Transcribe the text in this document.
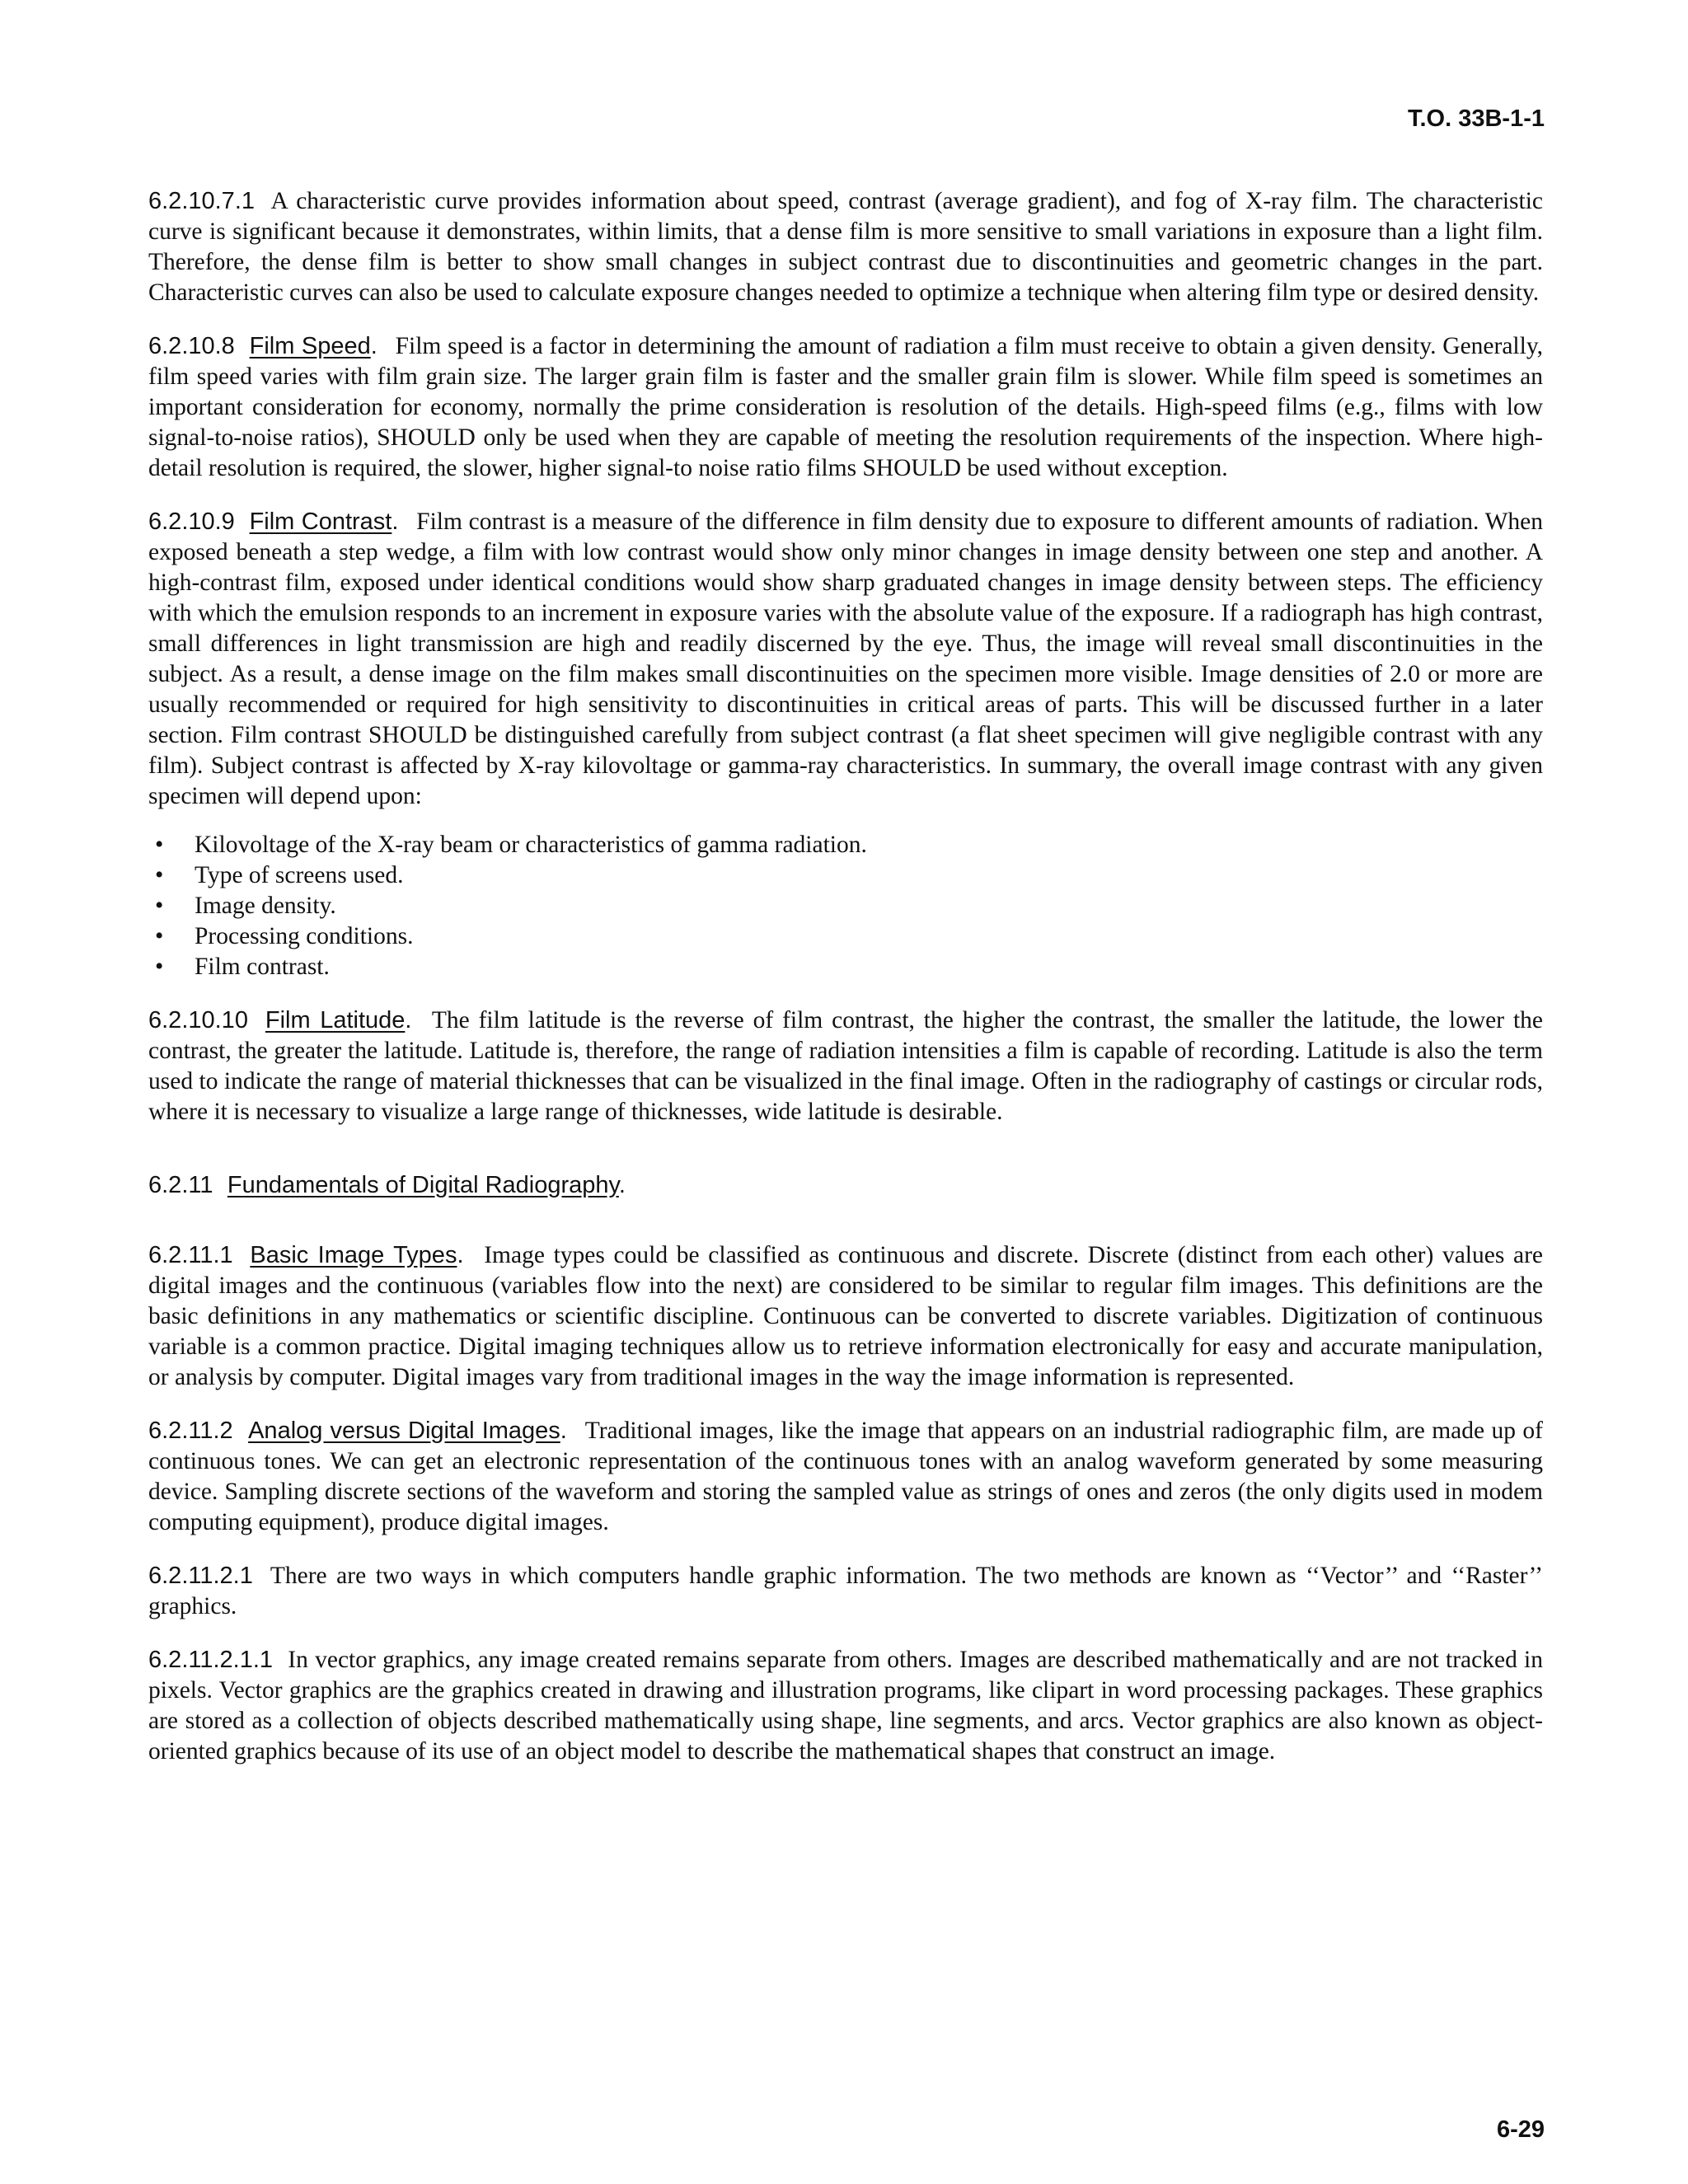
T.O. 33B-1-1

6.2.10.7.1 A characteristic curve provides information about speed, contrast (average gradient), and fog of X-ray film. The characteristic curve is significant because it demonstrates, within limits, that a dense film is more sensitive to small variations in exposure than a light film. Therefore, the dense film is better to show small changes in subject contrast due to discontinuities and geometric changes in the part. Characteristic curves can also be used to calculate exposure changes needed to optimize a technique when altering film type or desired density.

6.2.10.8 Film Speed. Film speed is a factor in determining the amount of radiation a film must receive to obtain a given density. Generally, film speed varies with film grain size. The larger grain film is faster and the smaller grain film is slower. While film speed is sometimes an important consideration for economy, normally the prime consideration is resolution of the details. High-speed films (e.g., films with low signal-to-noise ratios), SHOULD only be used when they are capable of meeting the resolution requirements of the inspection. Where high-detail resolution is required, the slower, higher signal-to noise ratio films SHOULD be used without exception.

6.2.10.9 Film Contrast. Film contrast is a measure of the difference in film density due to exposure to different amounts of radiation. When exposed beneath a step wedge, a film with low contrast would show only minor changes in image density between one step and another. A high-contrast film, exposed under identical conditions would show sharp graduated changes in image density between steps. The efficiency with which the emulsion responds to an increment in exposure varies with the absolute value of the exposure. If a radiograph has high contrast, small differences in light transmission are high and readily discerned by the eye. Thus, the image will reveal small discontinuities in the subject. As a result, a dense image on the film makes small discontinuities on the specimen more visible. Image densities of 2.0 or more are usually recommended or required for high sensitivity to discontinuities in critical areas of parts. This will be discussed further in a later section. Film contrast SHOULD be distinguished carefully from subject contrast (a flat sheet specimen will give negligible contrast with any film). Subject contrast is affected by X-ray kilovoltage or gamma-ray characteristics. In summary, the overall image contrast with any given specimen will depend upon:

• Kilovoltage of the X-ray beam or characteristics of gamma radiation.
• Type of screens used.
• Image density.
• Processing conditions.
• Film contrast.

6.2.10.10 Film Latitude. The film latitude is the reverse of film contrast, the higher the contrast, the smaller the latitude, the lower the contrast, the greater the latitude. Latitude is, therefore, the range of radiation intensities a film is capable of recording. Latitude is also the term used to indicate the range of material thicknesses that can be visualized in the final image. Often in the radiography of castings or circular rods, where it is necessary to visualize a large range of thicknesses, wide latitude is desirable.

6.2.11 Fundamentals of Digital Radiography.

6.2.11.1 Basic Image Types. Image types could be classified as continuous and discrete. Discrete (distinct from each other) values are digital images and the continuous (variables flow into the next) are considered to be similar to regular film images. This definitions are the basic definitions in any mathematics or scientific discipline. Continuous can be converted to discrete variables. Digitization of continuous variable is a common practice. Digital imaging techniques allow us to retrieve information electronically for easy and accurate manipulation, or analysis by computer. Digital images vary from traditional images in the way the image information is represented.

6.2.11.2 Analog versus Digital Images. Traditional images, like the image that appears on an industrial radiographic film, are made up of continuous tones. We can get an electronic representation of the continuous tones with an analog waveform generated by some measuring device. Sampling discrete sections of the waveform and storing the sampled value as strings of ones and zeros (the only digits used in modem computing equipment), produce digital images.

6.2.11.2.1 There are two ways in which computers handle graphic information. The two methods are known as ‘‘Vector’’ and ‘‘Raster’’ graphics.

6.2.11.2.1.1 In vector graphics, any image created remains separate from others. Images are described mathematically and are not tracked in pixels. Vector graphics are the graphics created in drawing and illustration programs, like clipart in word processing packages. These graphics are stored as a collection of objects described mathematically using shape, line segments, and arcs. Vector graphics are also known as object-oriented graphics because of its use of an object model to describe the mathematical shapes that construct an image.

6-29
